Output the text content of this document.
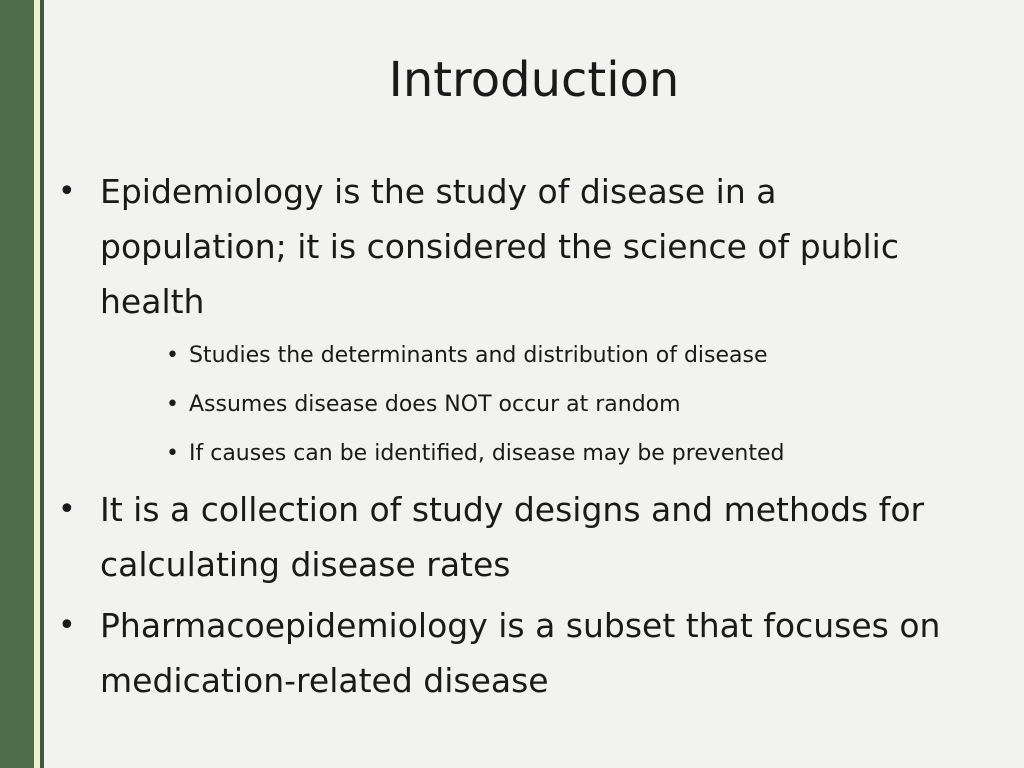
Introduction
• Epidemiology is the study of disease in a population; it is considered the science of public health
• Studies the determinants and distribution of disease
• Assumes disease does NOT occur at random
• If causes can be identified, disease may be prevented
• It is a collection of study designs and methods for calculating disease rates
• Pharmacoepidemiology is a subset that focuses on medication-related disease
